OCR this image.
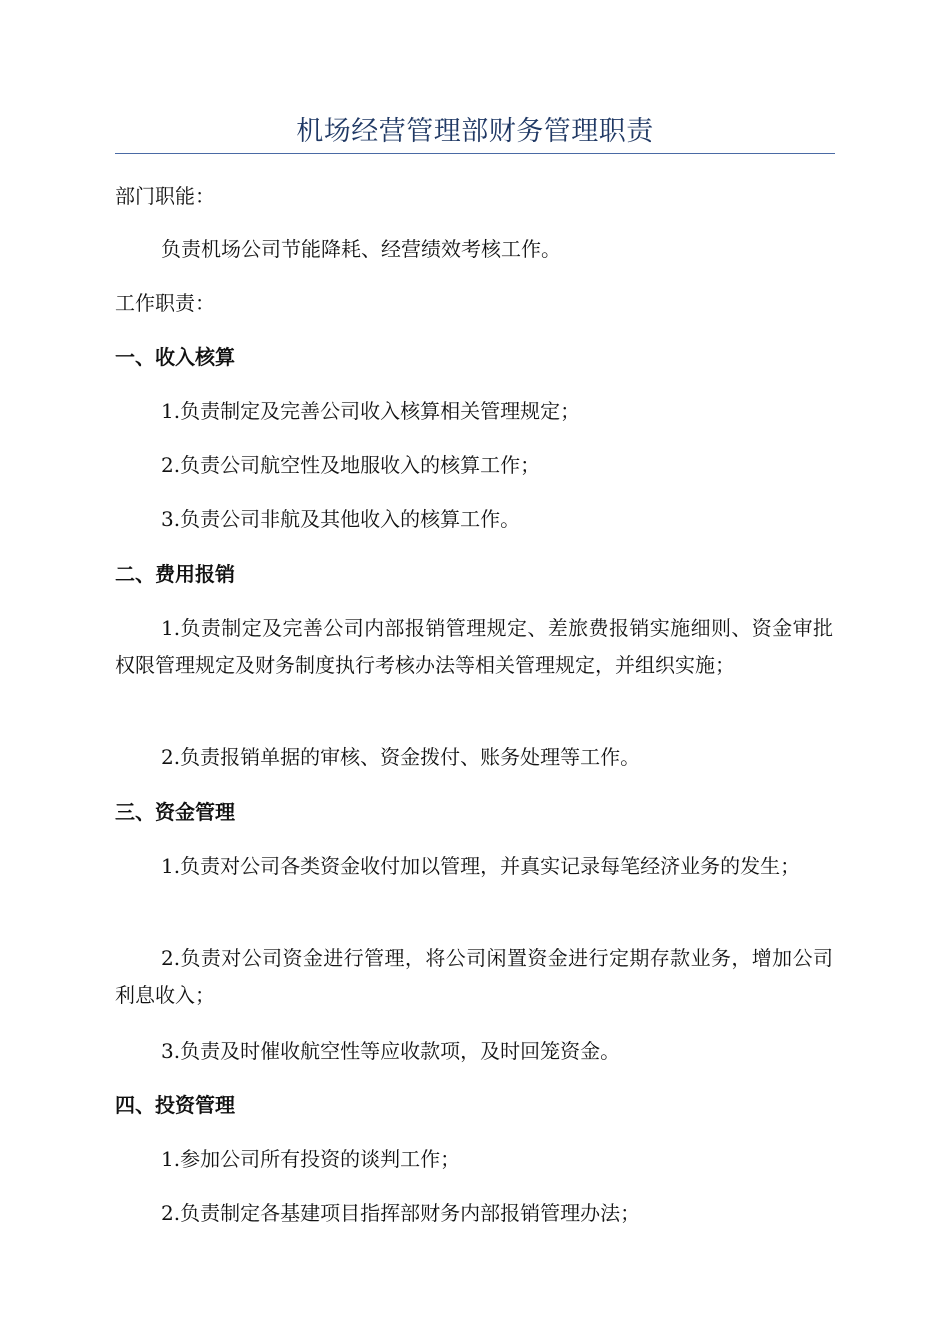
机场经营管理部财务管理职责
部门职能：
负责机场公司节能降耗、经营绩效考核工作。
工作职责：
一、收入核算
1.负责制定及完善公司收入核算相关管理规定；
2.负责公司航空性及地服收入的核算工作；
3.负责公司非航及其他收入的核算工作。
二、费用报销
1.负责制定及完善公司内部报销管理规定、差旅费报销实施细则、资金审批权限管理规定及财务制度执行考核办法等相关管理规定，并组织实施；
2.负责报销单据的审核、资金拨付、账务处理等工作。
三、资金管理
1.负责对公司各类资金收付加以管理，并真实记录每笔经济业务的发生；
2.负责对公司资金进行管理，将公司闲置资金进行定期存款业务，增加公司利息收入；
3.负责及时催收航空性等应收款项，及时回笼资金。
四、投资管理
1.参加公司所有投资的谈判工作；
2.负责制定各基建项目指挥部财务内部报销管理办法；
